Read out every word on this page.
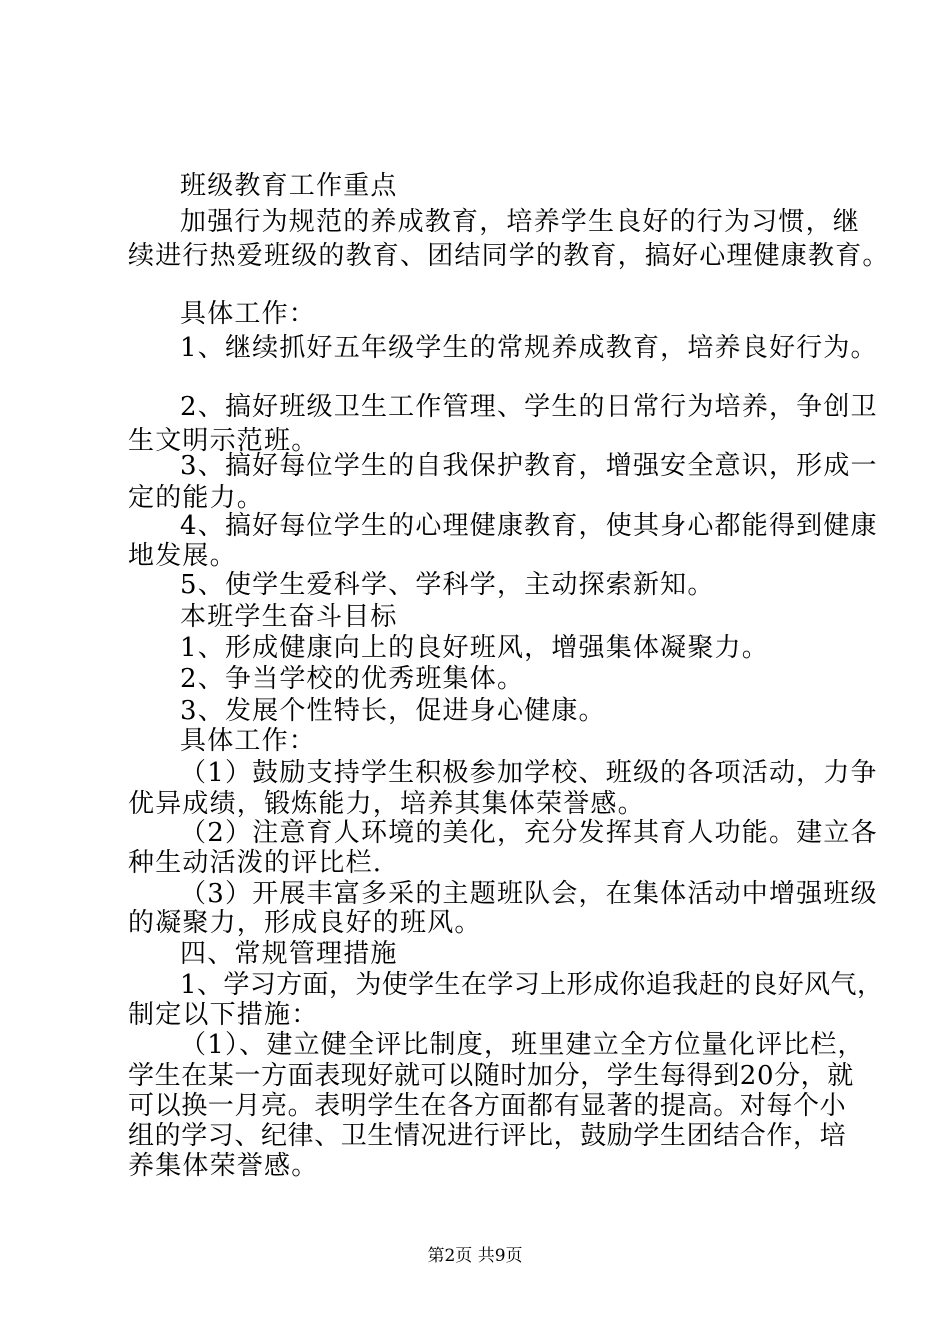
班级教育工作重点
加强行为规范的养成教育，培养学生良好的行为习惯，继
续进行热爱班级的教育、团结同学的教育，搞好心理健康教育。
具体工作：
1、继续抓好五年级学生的常规养成教育，培养良好行为。
2、搞好班级卫生工作管理、学生的日常行为培养，争创卫
生文明示范班。
3、搞好每位学生的自我保护教育，增强安全意识，形成一
定的能力。
4、搞好每位学生的心理健康教育，使其身心都能得到健康
地发展。
5、使学生爱科学、学科学，主动探索新知。
本班学生奋斗目标
1、形成健康向上的良好班风，增强集体凝聚力。
2、争当学校的优秀班集体。
3、发展个性特长，促进身心健康。
具体工作：
（1）鼓励支持学生积极参加学校、班级的各项活动，力争
优异成绩，锻炼能力，培养其集体荣誉感。
（2）注意育人环境的美化，充分发挥其育人功能。建立各
种生动活泼的评比栏.
（3）开展丰富多采的主题班队会，在集体活动中增强班级
的凝聚力，形成良好的班风。
四、常规管理措施
1、学习方面，为使学生在学习上形成你追我赶的良好风气，
制定以下措施：
（1）、建立健全评比制度，班里建立全方位量化评比栏，
学生在某一方面表现好就可以随时加分，学生每得到20分，就
可以换一月亮。表明学生在各方面都有显著的提高。对每个小
组的学习、纪律、卫生情况进行评比，鼓励学生团结合作，培
养集体荣誉感。
第2页 共9页
